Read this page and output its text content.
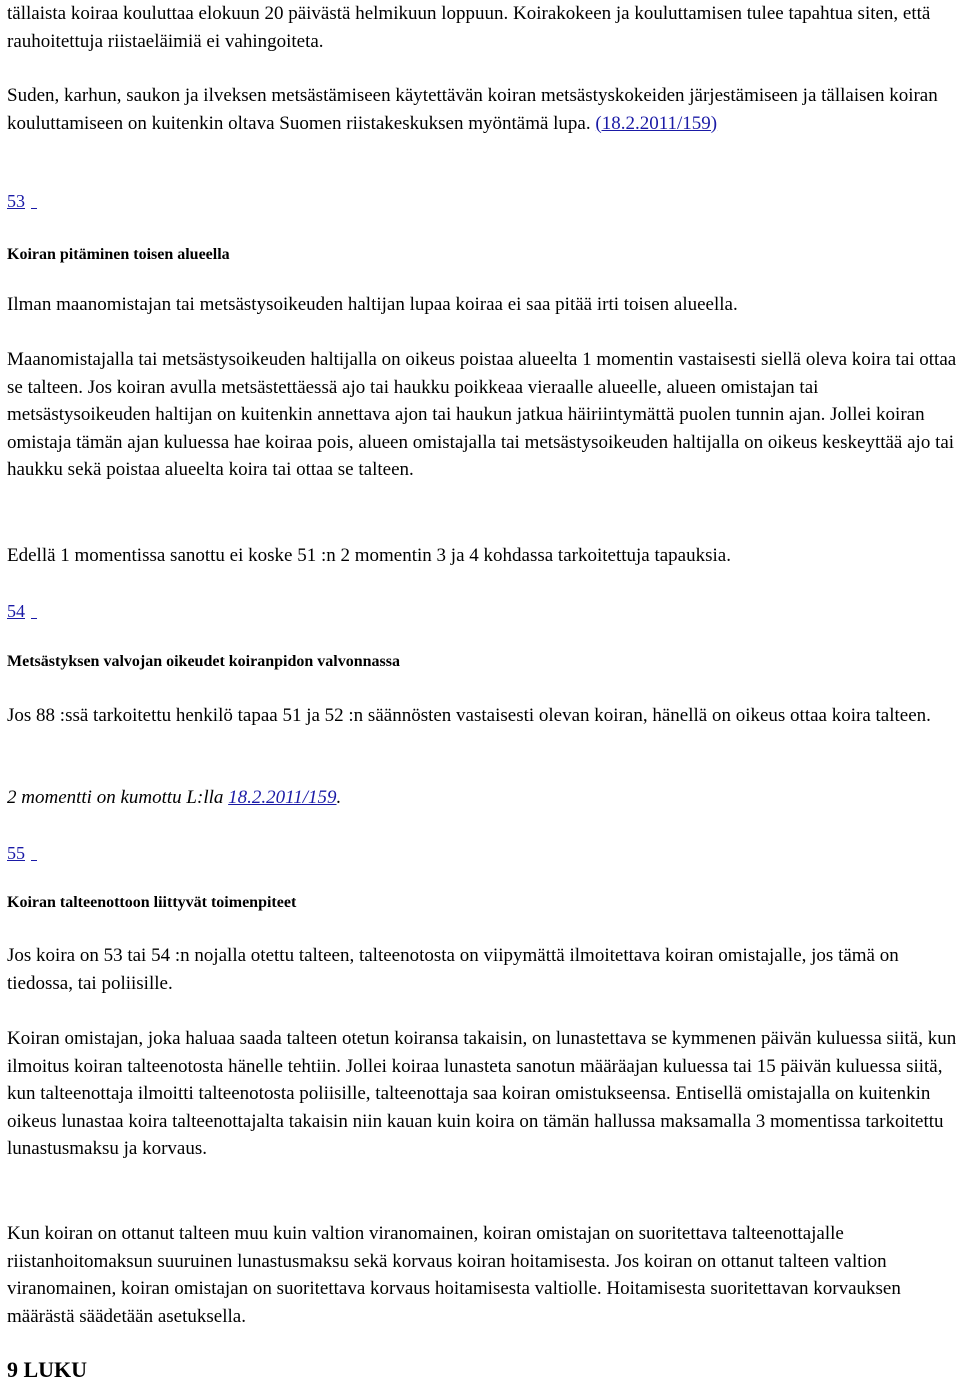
tällaista koiraa kouluttaa elokuun 20 päivästä helmikuun loppuun. Koirakokeen ja kouluttamisen tulee tapahtua siten, että rauhoitettuja riistaeläimiä ei vahingoiteta.

Suden, karhun, saukon ja ilveksen metsästämiseen käytettävän koiran metsästyskokeiden järjestämiseen ja tällaisen koiran kouluttamiseen on kuitenkin oltava Suomen riistakeskuksen myöntämä lupa. (18.2.2011/159)

53
Koiran pitäminen toisen alueella

Ilman maanomistajan tai metsästysoikeuden haltijan lupaa koiraa ei saa pitää irti toisen alueella.

Maanomistajalla tai metsästysoikeuden haltijalla on oikeus poistaa alueelta 1 momentin vastaisesti siellä oleva koira tai ottaa se talteen. Jos koiran avulla metsästettäessä ajo tai haukku poikkeaa vieraalle alueelle, alueen omistajan tai metsästysoikeuden haltijan on kuitenkin annettava ajon tai haukun jatkua häiriintymättä puolen tunnin ajan. Jollei koiran omistaja tämän ajan kuluessa hae koiraa pois, alueen omistajalla tai metsästysoikeuden haltijalla on oikeus keskeyttää ajo tai haukku sekä poistaa alueelta koira tai ottaa se talteen.

Edellä 1 momentissa sanottu ei koske 51 :n 2 momentin 3 ja 4 kohdassa tarkoitettuja tapauksia.

54
Metsästyksen valvojan oikeudet koiranpidon valvonnassa

Jos 88 :ssä tarkoitettu henkilö tapaa 51 ja 52 :n säännösten vastaisesti olevan koiran, hänellä on oikeus ottaa koira talteen.

2 momentti on kumottu L:lla 18.2.2011/159.

55
Koiran talteenottoon liittyvät toimenpiteet

Jos koira on 53 tai 54 :n nojalla otettu talteen, talteenotosta on viipymättä ilmoitettava koiran omistajalle, jos tämä on tiedossa, tai poliisille.

Koiran omistajan, joka haluaa saada talteen otetun koiransa takaisin, on lunastettava se kymmenen päivän kuluessa siitä, kun ilmoitus koiran talteenotosta hänelle tehtiin. Jollei koiraa lunasteta sanotun määräajan kuluessa tai 15 päivän kuluessa siitä, kun talteenottaja ilmoitti talteenotosta poliisille, talteenottaja saa koiran omistukseensa. Entisellä omistajalla on kuitenkin oikeus lunastaa koira talteenottajalta takaisin niin kauan kuin koira on tämän hallussa maksamalla 3 momentissa tarkoitettu lunastusmaksu ja korvaus.

Kun koiran on ottanut talteen muu kuin valtion viranomainen, koiran omistajan on suoritettava talteenottajalle riistanhoitomaksun suuruinen lunastusmaksu sekä korvaus koiran hoitamisesta. Jos koiran on ottanut talteen valtion viranomainen, koiran omistajan on suoritettava korvaus hoitamisesta valtiolle. Hoitamisesta suoritettavan korvauksen määrästä säädetään asetuksella.

9 LUKU
